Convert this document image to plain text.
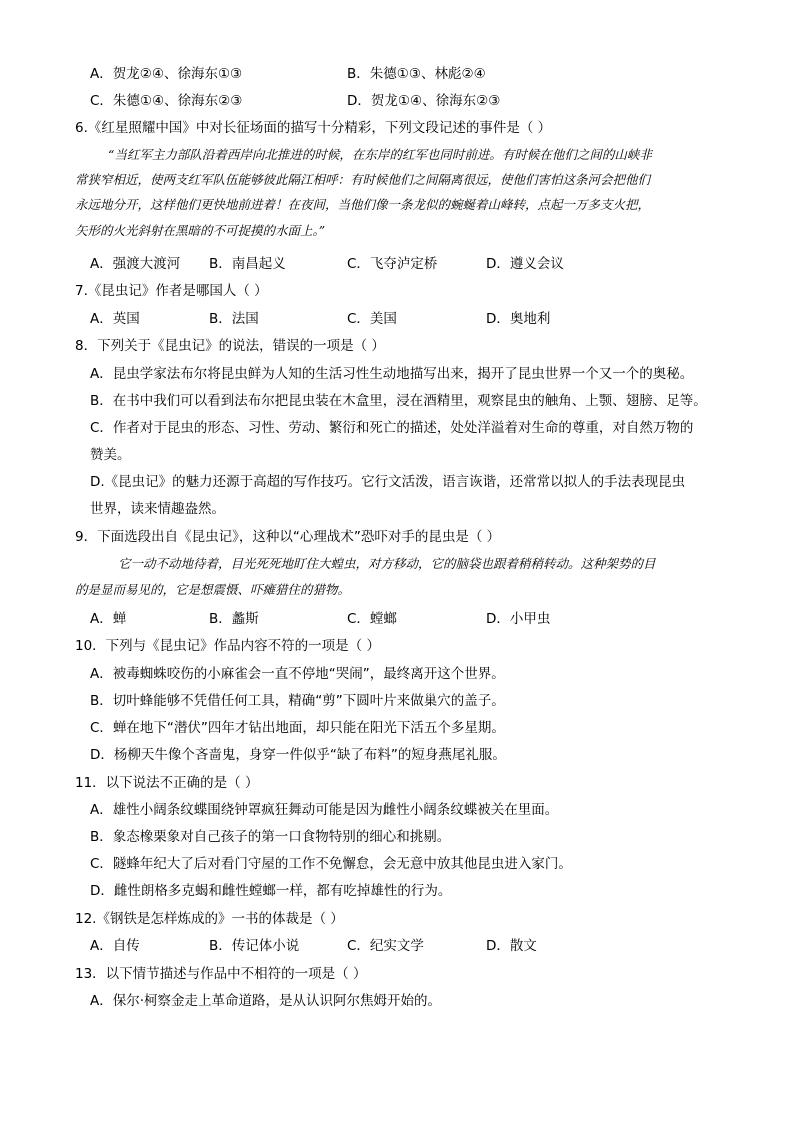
A．贺龙②④、徐海东①③	B．朱德①③、林彪②④
C．朱德①④、徐海东②③	D．贺龙①④、徐海东②③
6.《红星照耀中国》中对长征场面的描写十分精彩，下列文段记述的事件是（ ）
“当红军主力部队沿着西岸向北推进的时候，在东岸的红军也同时前进。有时候在他们之间的山峡非
常狭窄相近，使两支红军队伍能够彼此隔江相呼：有时候他们之间隔离很远，使他们害怕这条河会把他们
永远地分开，这样他们更快地前进着！在夜间，当他们像一条龙似的蜿蜒着山峰转，点起一万多支火把，
矢形的火光斜射在黑暗的不可捉摸的水面上。”
A．强渡大渡河 B．南昌起义	C．飞夺泸定桥	D．遵义会议
7.《昆虫记》作者是哪国人（ ）
A．英国	B．法国	C．美国	D．奥地利
8．下列关于《昆虫记》的说法，错误的一项是（ ）
A．昆虫学家法布尔将昆虫鲜为人知的生活习性生动地描写出来，揭开了昆虫世界一个又一个的奥秘。
B．在书中我们可以看到法布尔把昆虫装在木盒里，浸在酒精里，观察昆虫的触角、上颚、翅膀、足等。
C．作者对于昆虫的形态、习性、劳动、繁衍和死亡的描述，处处洋溢着对生命的尊重，对自然万物的
赞美。
D.《昆虫记》的魅力还源于高超的写作技巧。它行文活泼，语言诙谐，还常常以拟人的手法表现昆虫
世界，读来情趣盎然。
9．下面选段出自《昆虫记》，这种以“心理战术”恐吓对手的昆虫是（ ）
它一动不动地待着，目光死死地盯住大蝗虫，对方移动，它的脑袋也跟着稍稍转动。这种架势的目
的是显而易见的，它是想震慑、吓瘫猎住的猎物。
A．蝉	B．蠡斯	C．螳螂	D．小甲虫
10．下列与《昆虫记》作品内容不符的一项是（ ）
A．被毒蜘蛛咬伤的小麻雀会一直不停地“哭闹”，最终离开这个世界。
B．切叶蜂能够不凭借任何工具，精确“剪”下圆叶片来做巢穴的盖子。
C．蝉在地下“潜伏”四年才钻出地面，却只能在阳光下活五个多星期。
D．杨柳天牛像个吝啬鬼，身穿一件似乎“缺了布料”的短身燕尾礼服。
11．以下说法不正确的是（ ）
A．雄性小阔条纹蝶围绕钟罩疯狂舞动可能是因为雌性小阔条纹蝶被关在里面。
B．象态橡栗象对自己孩子的第一口食物特别的细心和挑剔。
C．隧蜂年纪大了后对看门守屋的工作不免懈怠，会无意中放其他昆虫进入家门。
D．雌性朗格多克蝎和雌性螳螂一样，都有吃掉雄性的行为。
12.《钢铁是怎样炼成的》一书的体裁是（ ）
A．自传	B．传记体小说	C．纪实文学	D．散文
13．以下情节描述与作品中不相符的一项是（ ）
A．保尔·柯察金走上革命道路，是从认识阿尔焦姆开始的。
